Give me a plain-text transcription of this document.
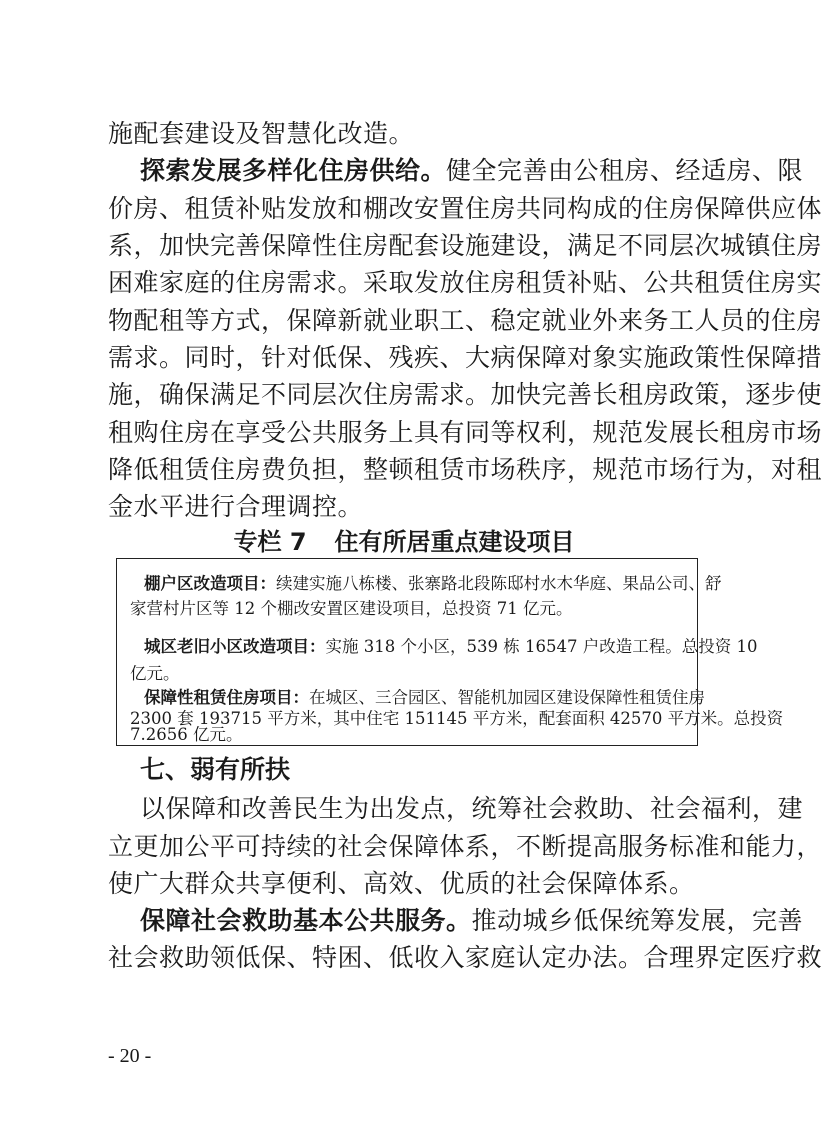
施配套建设及智慧化改造。
探索发展多样化住房供给。健全完善由公租房、经适房、限
价房、租赁补贴发放和棚改安置住房共同构成的住房保障供应体
系，加快完善保障性住房配套设施建设，满足不同层次城镇住房
困难家庭的住房需求。采取发放住房租赁补贴、公共租赁住房实
物配租等方式，保障新就业职工、稳定就业外来务工人员的住房
需求。同时，针对低保、残疾、大病保障对象实施政策性保障措
施，确保满足不同层次住房需求。加快完善长租房政策，逐步使
租购住房在享受公共服务上具有同等权利，规范发展长租房市场
降低租赁住房费负担，整顿租赁市场秩序，规范市场行为，对租
金水平进行合理调控。
专栏 7 住有所居重点建设项目
棚户区改造项目：续建实施八栋楼、张寨路北段陈邸村水木华庭、果品公司、舒
家营村片区等 12 个棚改安置区建设项目，总投资 71 亿元。
城区老旧小区改造项目：实施 318 个小区，539 栋 16547 户改造工程。总投资 10
亿元。
保障性租赁住房项目：在城区、三合园区、智能机加园区建设保障性租赁住房
2300 套 193715 平方米，其中住宅 151145 平方米，配套面积 42570 平方米。总投资
7.2656 亿元。
七、弱有所扶
以保障和改善民生为出发点，统筹社会救助、社会福利，建
立更加公平可持续的社会保障体系，不断提高服务标准和能力，
使广大群众共享便利、高效、优质的社会保障体系。
保障社会救助基本公共服务。推动城乡低保统筹发展，完善
社会救助领低保、特困、低收入家庭认定办法。合理界定医疗救
- 20 -
